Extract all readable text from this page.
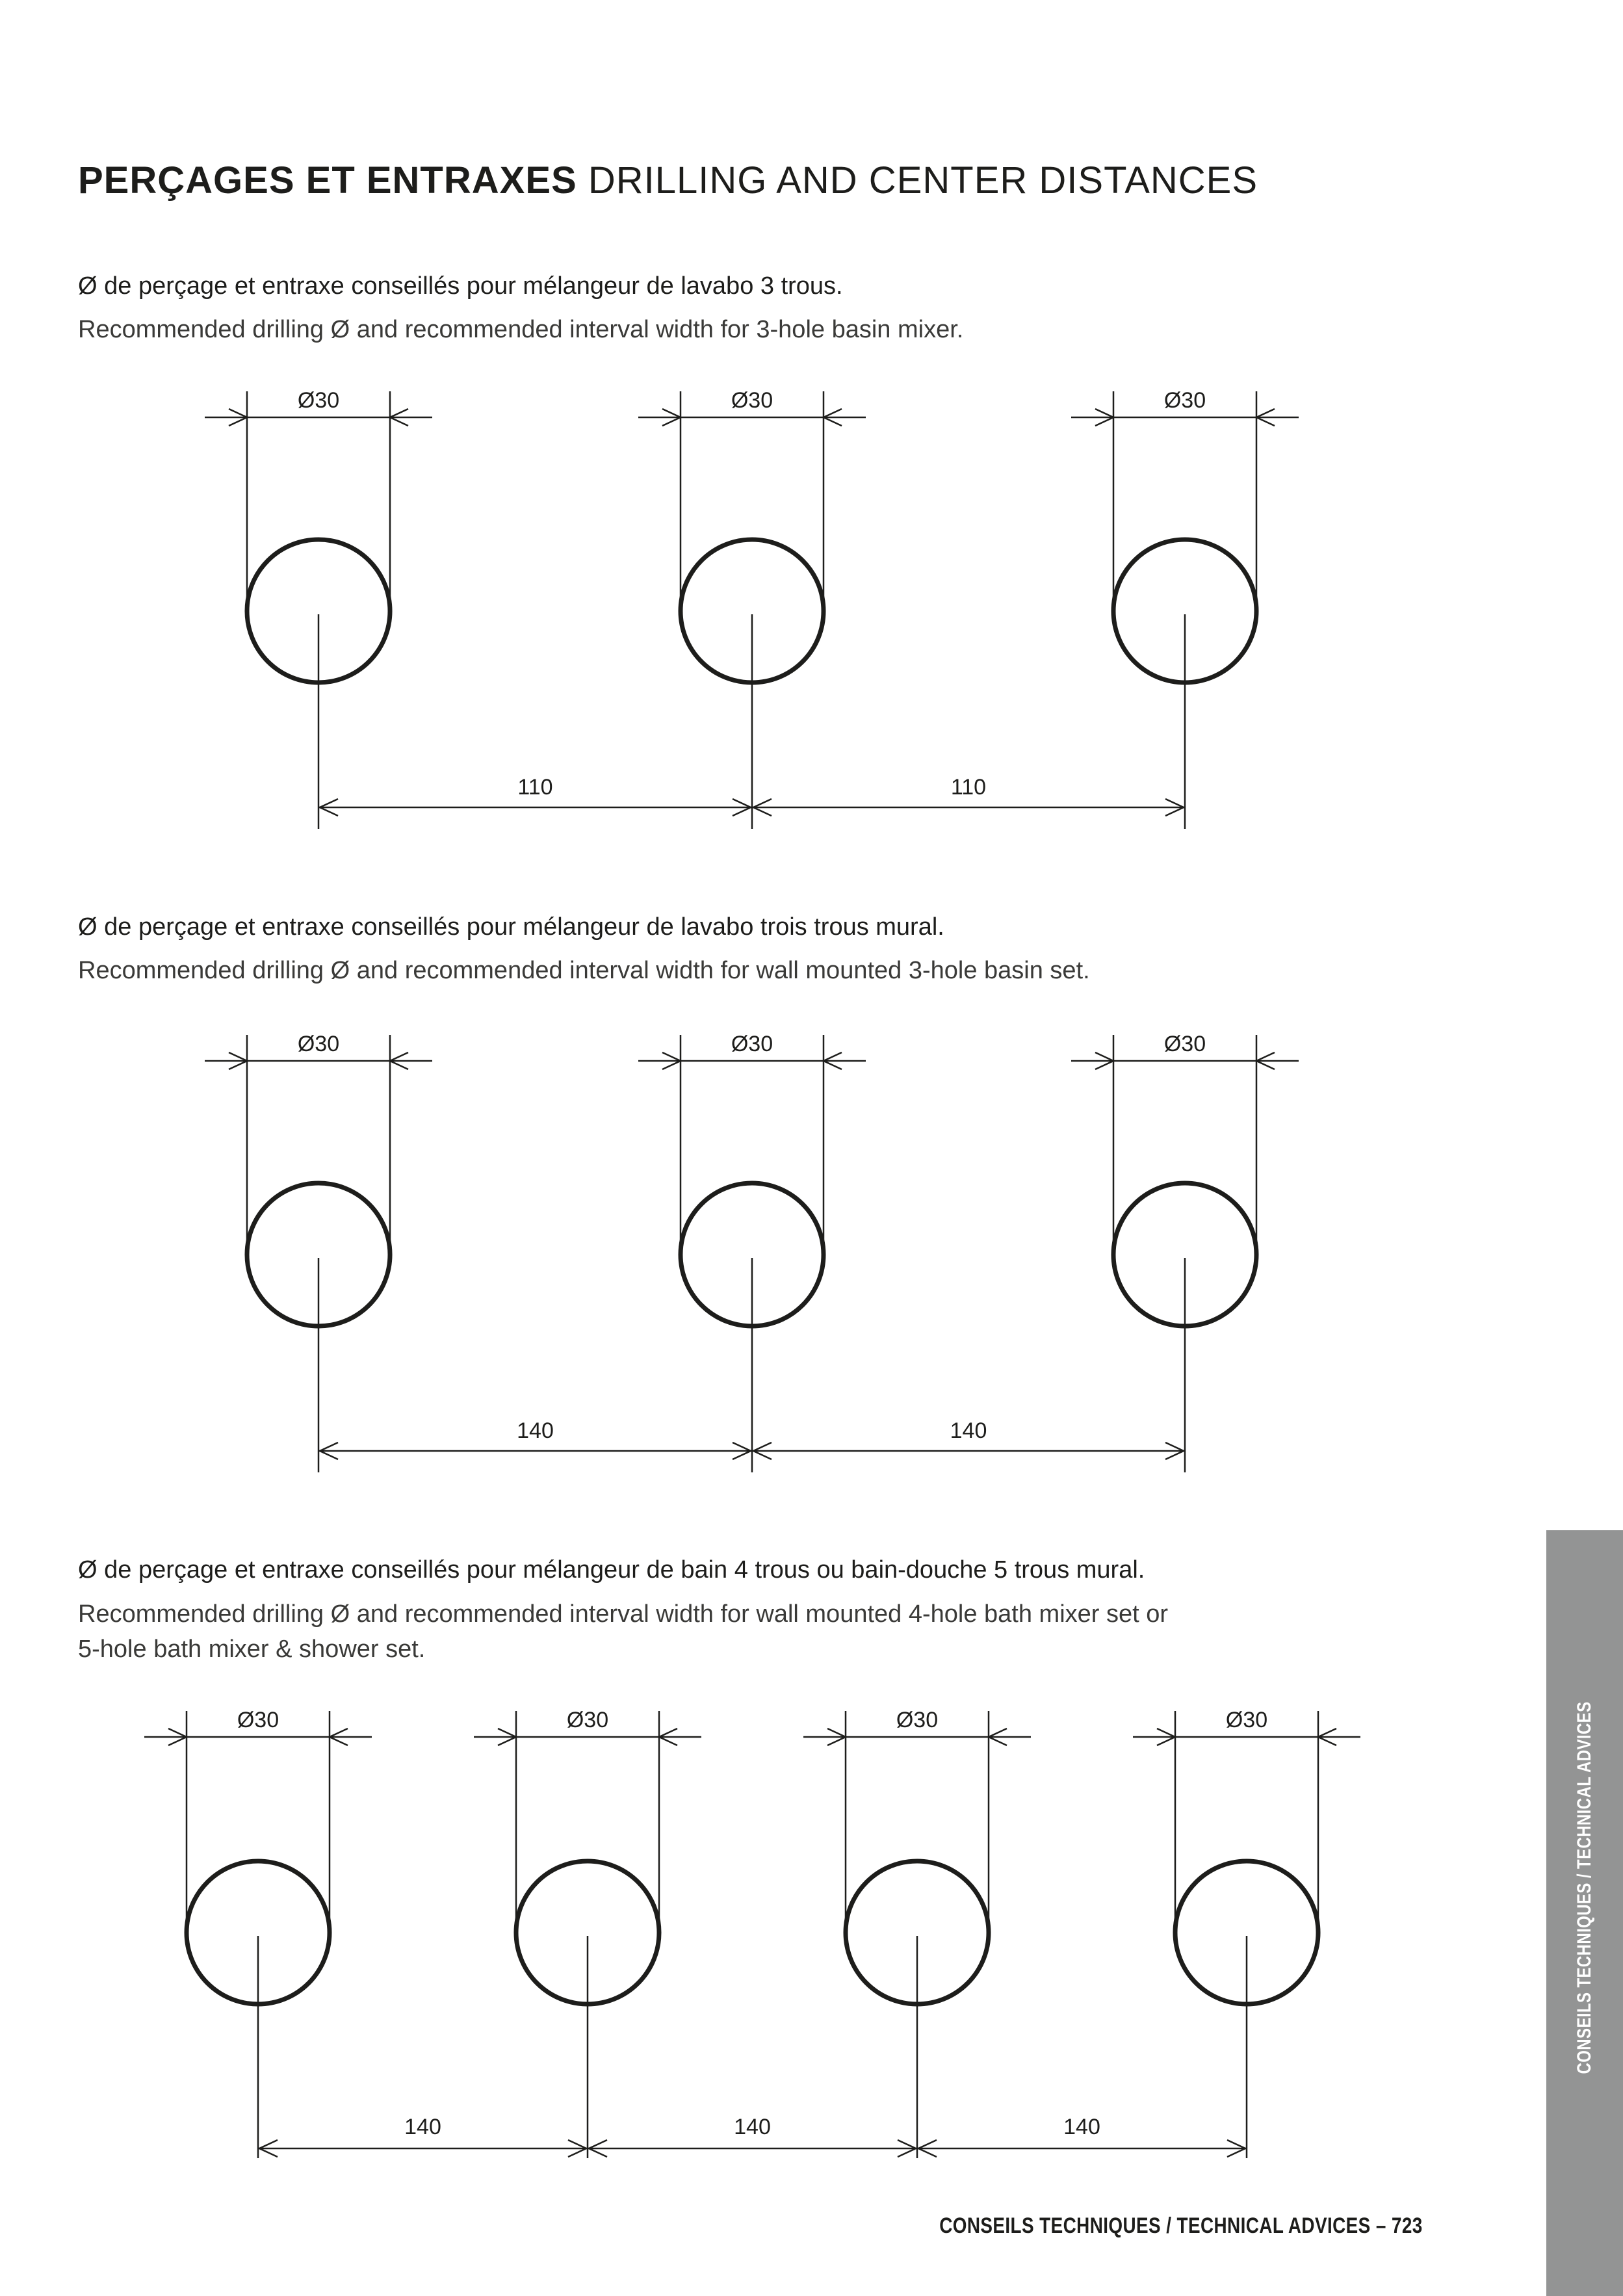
PERÇAGES ET ENTRAXES DRILLING AND CENTER DISTANCES

Ø de perçage et entraxe conseillés pour mélangeur de lavabo 3 trous.

Recommended drilling Ø and recommended interval width for 3-hole basin mixer.

Ø30	Ø30	Ø30
110	110

Ø de perçage et entraxe conseillés pour mélangeur de lavabo trois trous mural.

Recommended drilling Ø and recommended interval width for wall mounted 3-hole basin set.

Ø30	Ø30	Ø30
140	140

Ø de perçage et entraxe conseillés pour mélangeur de bain 4 trous ou bain-douche 5 trous mural.

Recommended drilling Ø and recommended interval width for wall mounted 4-hole bath mixer set or

5-hole bath mixer & shower set.

Ø30	Ø30	Ø30	Ø30
140	140	140

CONSEILS TECHNIQUES / TECHNICAL ADVICES – 723

CONSEILS TECHNIQUES / TECHNICAL ADVICES
